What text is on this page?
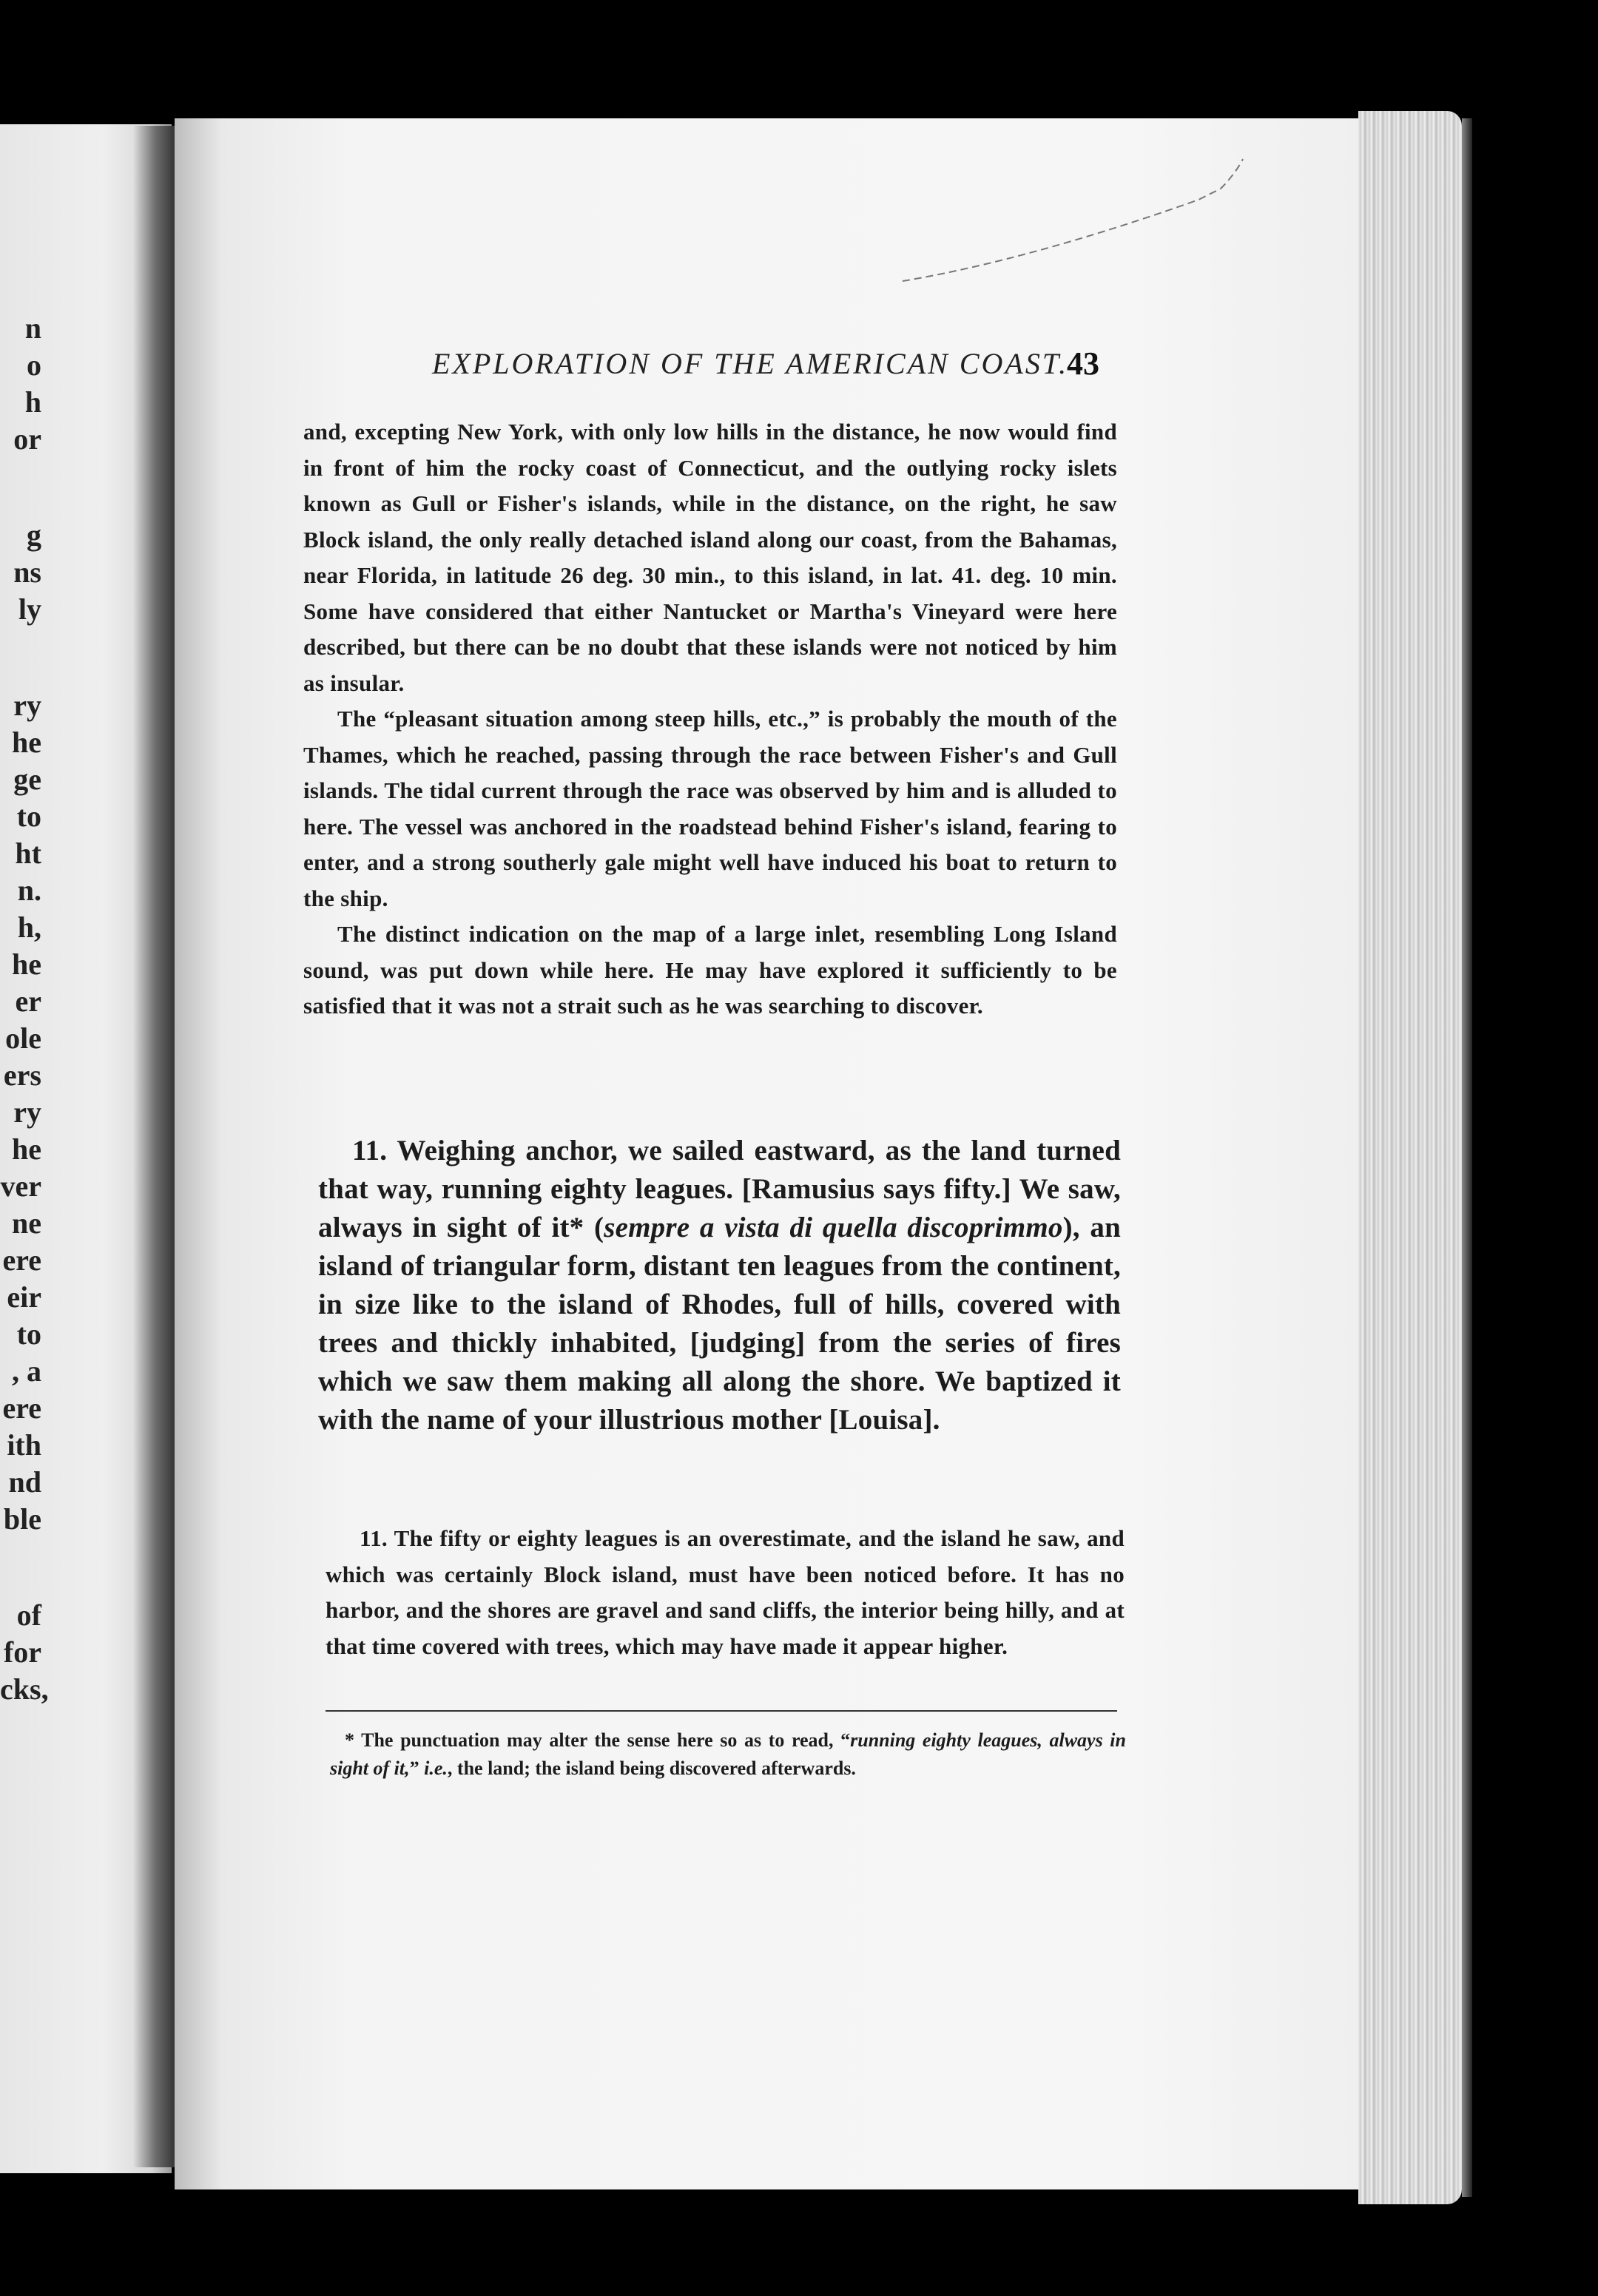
n
o
h
or
g
ns
ly
ry
he
ge
to
ht
n.
h,
he
er
ole
ers
ry
he
ver
ne
ere
eir
to
, a
ere
ith
nd
ble
of
for
cks,
EXPLORATION OF THE AMERICAN COAST.
43

and, excepting New York, with only low hills in the distance, he now would find in front of him the rocky coast of Connecticut, and the outlying rocky islets known as Gull or Fisher's islands, while in the distance, on the right, he saw Block island, the only really detached island along our coast, from the Bahamas, near Florida, in latitude 26 deg. 30 min., to this island, in lat. 41. deg. 10 min. Some have considered that either Nantucket or Martha's Vineyard were here described, but there can be no doubt that these islands were not noticed by him as insular.

The “pleasant situation among steep hills, etc.,” is probably the mouth of the Thames, which he reached, passing through the race between Fisher's and Gull islands. The tidal current through the race was observed by him and is alluded to here. The vessel was anchored in the roadstead behind Fisher's island, fearing to enter, and a strong southerly gale might well have induced his boat to return to the ship.

The distinct indication on the map of a large inlet, resembling Long Island sound, was put down while here. He may have explored it sufficiently to be satisfied that it was not a strait such as he was searching to discover.

11. Weighing anchor, we sailed eastward, as the land turned that way, running eighty leagues. [Ramusius says fifty.] We saw, always in sight of it* (sempre a vista di quella discoprimmo), an island of triangular form, distant ten leagues from the continent, in size like to the island of Rhodes, full of hills, covered with trees and thickly inhabited, [judging] from the series of fires which we saw them making all along the shore. We baptized it with the name of your illustrious mother [Louisa].

11. The fifty or eighty leagues is an overestimate, and the island he saw, and which was certainly Block island, must have been noticed before. It has no harbor, and the shores are gravel and sand cliffs, the interior being hilly, and at that time covered with trees, which may have made it appear higher.

* The punctuation may alter the sense here so as to read, “running eighty leagues, always in sight of it,” i.e., the land; the island being discovered afterwards.
